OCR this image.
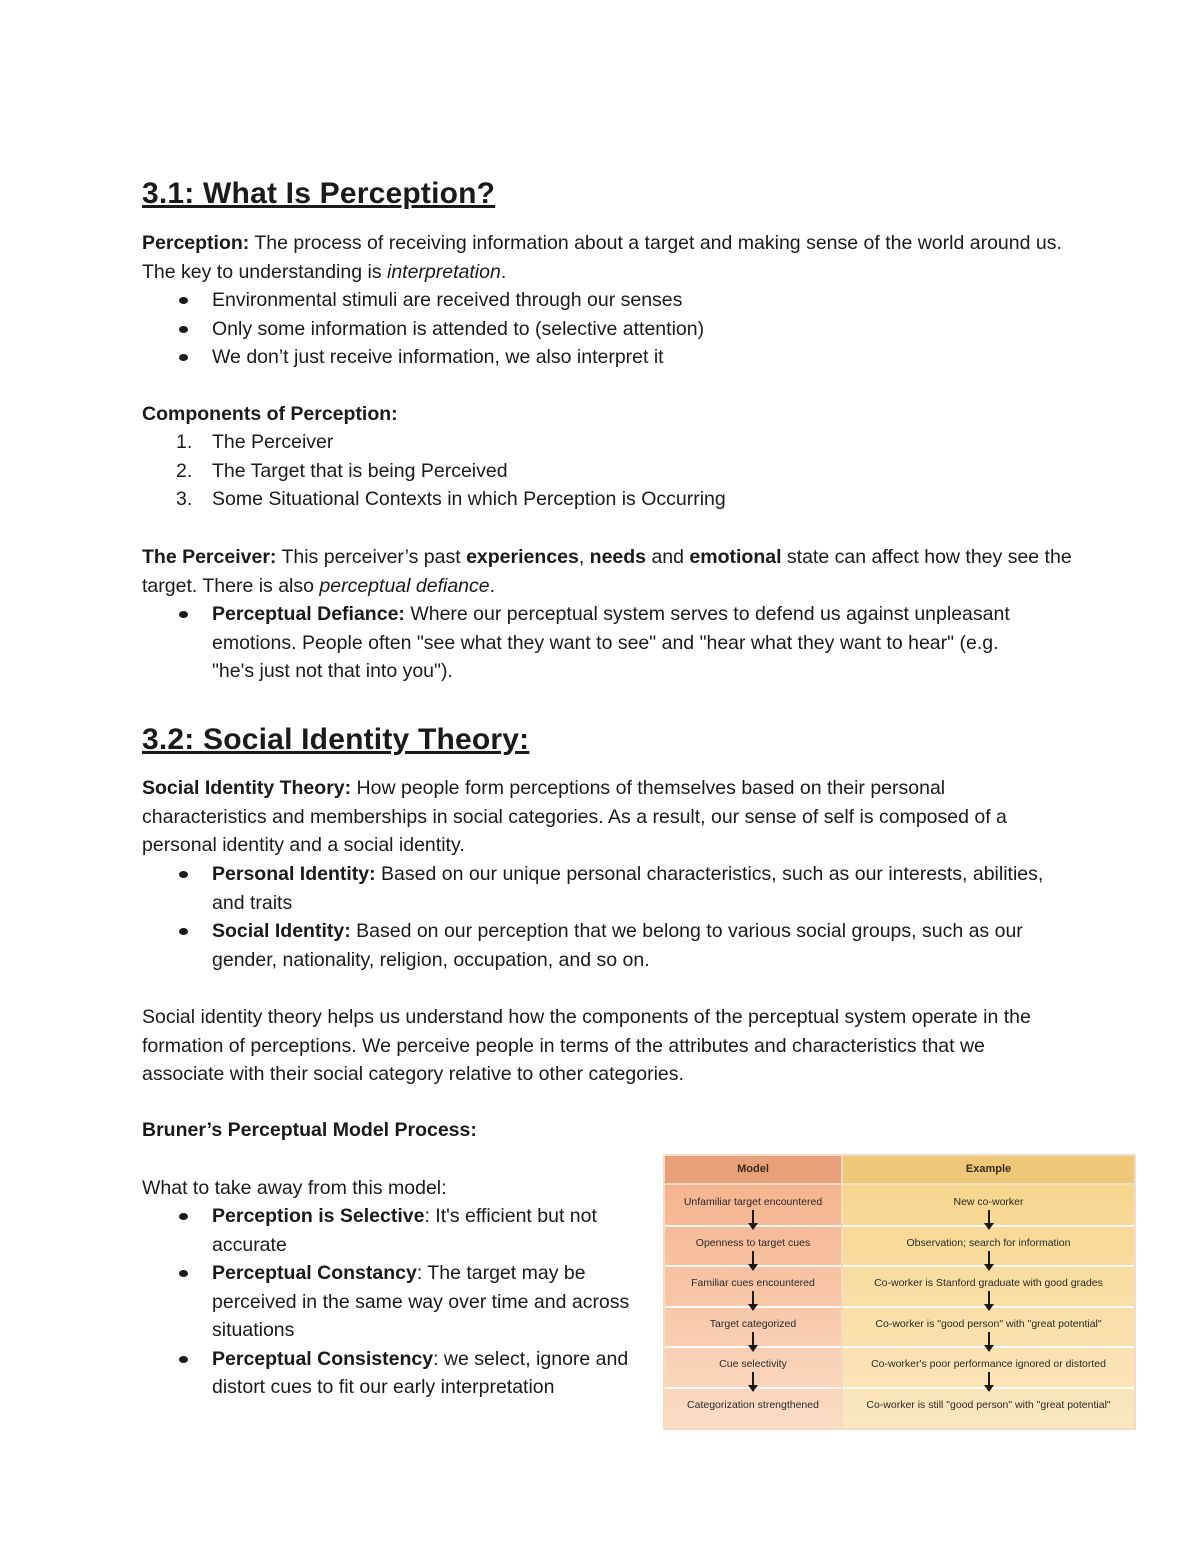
3.1: What Is Perception?

Perception: The process of receiving information about a target and making sense of the world around us. The key to understanding is interpretation.

Environmental stimuli are received through our senses
Only some information is attended to (selective attention)
We don’t just receive information, we also interpret it

Components of Perception:

1. The Perceiver
2. The Target that is being Perceived
3. Some Situational Contexts in which Perception is Occurring

The Perceiver: This perceiver’s past experiences, needs and emotional state can affect how they see the target. There is also perceptual defiance.

Perceptual Defiance: Where our perceptual system serves to defend us against unpleasant emotions. People often "see what they want to see" and "hear what they want to hear" (e.g. "he's just not that into you").
3.2: Social Identity Theory:

Social Identity Theory: How people form perceptions of themselves based on their personal characteristics and memberships in social categories. As a result, our sense of self is composed of a personal identity and a social identity.

Personal Identity: Based on our unique personal characteristics, such as our interests, abilities, and traits
Social Identity: Based on our perception that we belong to various social groups, such as our gender, nationality, religion, occupation, and so on.

Social identity theory helps us understand how the components of the perceptual system operate in the formation of perceptions. We perceive people in terms of the attributes and characteristics that we associate with their social category relative to other categories.

Bruner’s Perceptual Model Process:

What to take away from this model:

Perception is Selective: It's efficient but not accurate
Perceptual Constancy: The target may be perceived in the same way over time and across situations
Perceptual Consistency: we select, ignore and distort cues to fit our early interpretation
Model	Example
Unfamiliar target encountered
Openness to target cues
Familiar cues encountered
Target categorized
Cue selectivity
Categorization strengthened
New co-worker
Observation; search for information
Co-worker is Stanford graduate with good grades
Co-worker is "good person" with "great potential"
Co-worker's poor performance ignored or distorted
Co-worker is still "good person" with "great potential"
